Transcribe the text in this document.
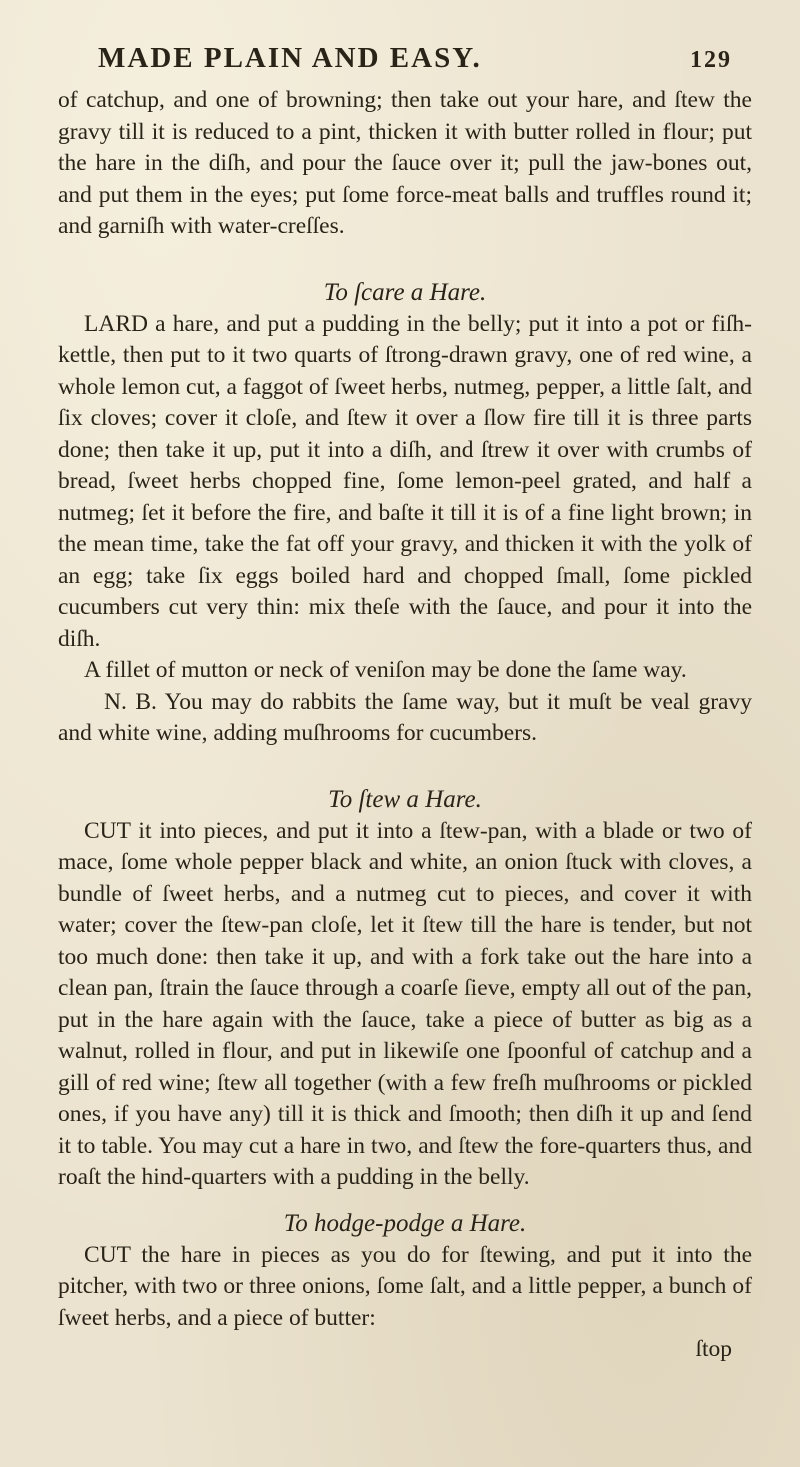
MADE PLAIN AND EASY.	129

of catchup, and one of browning; then take out your hare, and ſtew the gravy till it is reduced to a pint, thicken it with butter rolled in flour; put the hare in the diſh, and pour the ſauce over it; pull the jaw-bones out, and put them in the eyes; put ſome force-meat balls and truffles round it; and garniſh with water-creſſes.

To ſcare a Hare.

LARD a hare, and put a pudding in the belly; put it into a pot or fiſh-kettle, then put to it two quarts of ſtrong-drawn gravy, one of red wine, a whole lemon cut, a faggot of ſweet herbs, nutmeg, pepper, a little ſalt, and ſix cloves; cover it cloſe, and ſtew it over a ſlow fire till it is three parts done; then take it up, put it into a diſh, and ſtrew it over with crumbs of bread, ſweet herbs chopped fine, ſome lemon-peel grated, and half a nutmeg; ſet it before the fire, and baſte it till it is of a fine light brown; in the mean time, take the fat off your gravy, and thicken it with the yolk of an egg; take ſix eggs boiled hard and chopped ſmall, ſome pickled cucumbers cut very thin: mix theſe with the ſauce, and pour it into the diſh.

A fillet of mutton or neck of veniſon may be done the ſame way.

N. B. You may do rabbits the ſame way, but it muſt be veal gravy and white wine, adding muſhrooms for cucumbers.

To ſtew a Hare.

CUT it into pieces, and put it into a ſtew-pan, with a blade or two of mace, ſome whole pepper black and white, an onion ſtuck with cloves, a bundle of ſweet herbs, and a nutmeg cut to pieces, and cover it with water; cover the ſtew-pan cloſe, let it ſtew till the hare is tender, but not too much done: then take it up, and with a fork take out the hare into a clean pan, ſtrain the ſauce through a coarſe ſieve, empty all out of the pan, put in the hare again with the ſauce, take a piece of butter as big as a walnut, rolled in flour, and put in likewiſe one ſpoonful of catchup and a gill of red wine; ſtew all together (with a few freſh muſhrooms or pickled ones, if you have any) till it is thick and ſmooth; then diſh it up and ſend it to table. You may cut a hare in two, and ſtew the fore-quarters thus, and roaſt the hind-quarters with a pudding in the belly.

To hodge-podge a Hare.

CUT the hare in pieces as you do for ſtewing, and put it into the pitcher, with two or three onions, ſome ſalt, and a little pepper, a bunch of ſweet herbs, and a piece of butter:

ſtop
